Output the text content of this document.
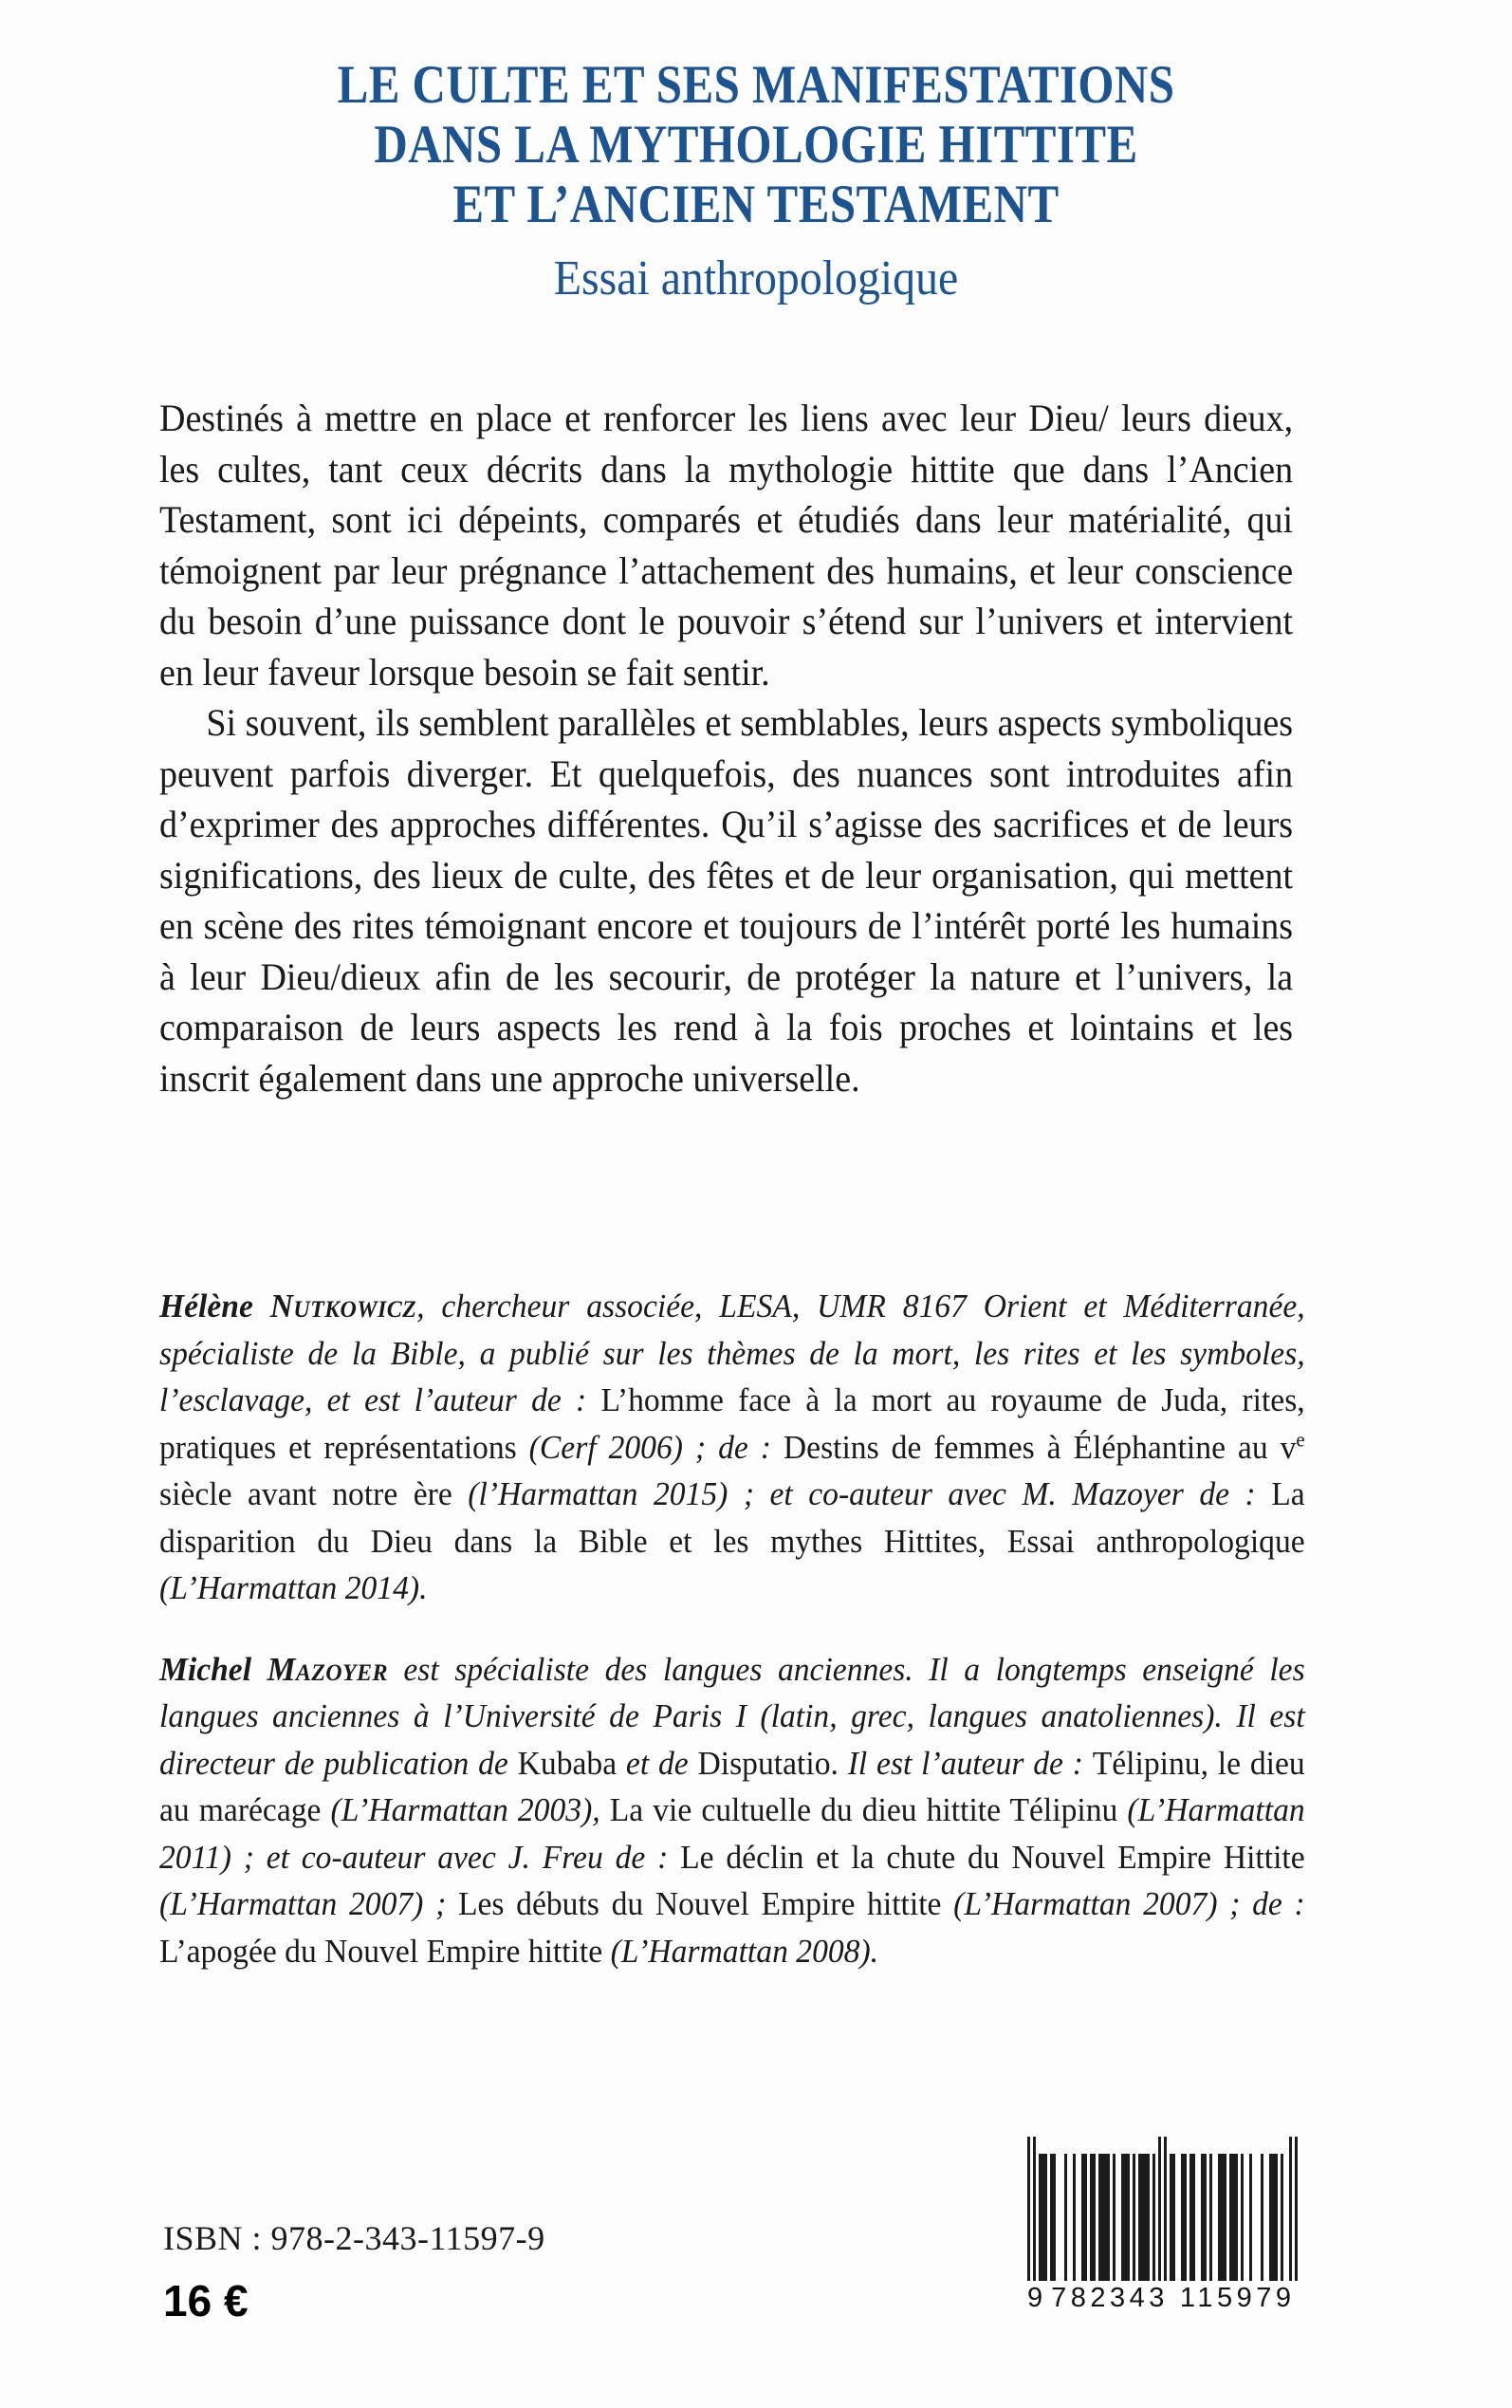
LE CULTE ET SES MANIFESTATIONS
DANS LA MYTHOLOGIE HITTITE
ET L’ANCIEN TESTAMENT
Essai anthropologique

Destinés à mettre en place et renforcer les liens avec leur Dieu/ leurs dieux, les cultes, tant ceux décrits dans la mythologie hittite que dans l’Ancien Testament, sont ici dépeints, comparés et étudiés dans leur matérialité, qui témoignent par leur prégnance l’attachement des humains, et leur conscience du besoin d’une puissance dont le pouvoir s’étend sur l’univers et intervient en leur faveur lorsque besoin se fait sentir.

Si souvent, ils semblent parallèles et semblables, leurs aspects symboliques peuvent parfois diverger. Et quelquefois, des nuances sont introduites afin d’exprimer des approches différentes. Qu’il s’agisse des sacrifices et de leurs significations, des lieux de culte, des fêtes et de leur organisation, qui mettent en scène des rites témoignant encore et toujours de l’intérêt porté les humains à leur Dieu/dieux afin de les secourir, de protéger la nature et l’univers, la comparaison de leurs aspects les rend à la fois proches et lointains et les inscrit également dans une approche universelle.

Hélène Nutkowicz, chercheur associée, LESA, UMR 8167 Orient et Méditerranée, spécialiste de la Bible, a publié sur les thèmes de la mort, les rites et les symboles, l’esclavage, et est l’auteur de : L’homme face à la mort au royaume de Juda, rites, pratiques et représentations (Cerf 2006) ; de : Destins de femmes à Éléphantine au $v^e$ siècle avant notre ère (l’Harmattan 2015) ; et co-auteur avec M. Mazoyer de : La disparition du Dieu dans la Bible et les mythes Hittites, Essai anthropologique (L’Harmattan 2014).

Michel Mazoyer est spécialiste des langues anciennes. Il a longtemps enseigné les langues anciennes à l’Université de Paris I (latin, grec, langues anatoliennes). Il est directeur de publication de Kubaba et de Disputatio. Il est l’auteur de : Télipinu, le dieu au marécage (L’Harmattan 2003), La vie cultuelle du dieu hittite Télipinu (L’Harmattan 2011) ; et co-auteur avec J. Freu de : Le déclin et la chute du Nouvel Empire Hittite (L’Harmattan 2007) ; Les débuts du Nouvel Empire hittite (L’Harmattan 2007) ; de : L’apogée du Nouvel Empire hittite (L’Harmattan 2008).

ISBN : 978-2-343-11597-9
16 €	9 782343 115979
